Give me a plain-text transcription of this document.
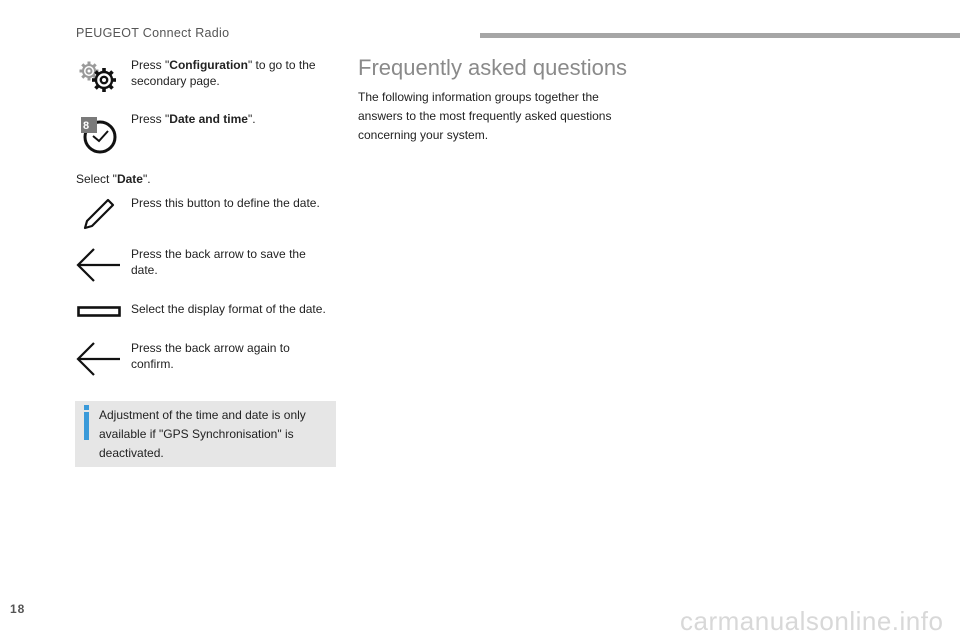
PEUGEOT Connect Radio
Press "Configuration" to go to the secondary page.
8	Press "Date and time".
Select "Date".
Press this button to define the date.
Press the back arrow to save the date.
Select the display format of the date.
Press the back arrow again to confirm.
Adjustment of the time and date is only available if "GPS Synchronisation" is deactivated.
Frequently asked questions
The following information groups together the answers to the most frequently asked questions concerning your system.
18	carmanualsonline.info
